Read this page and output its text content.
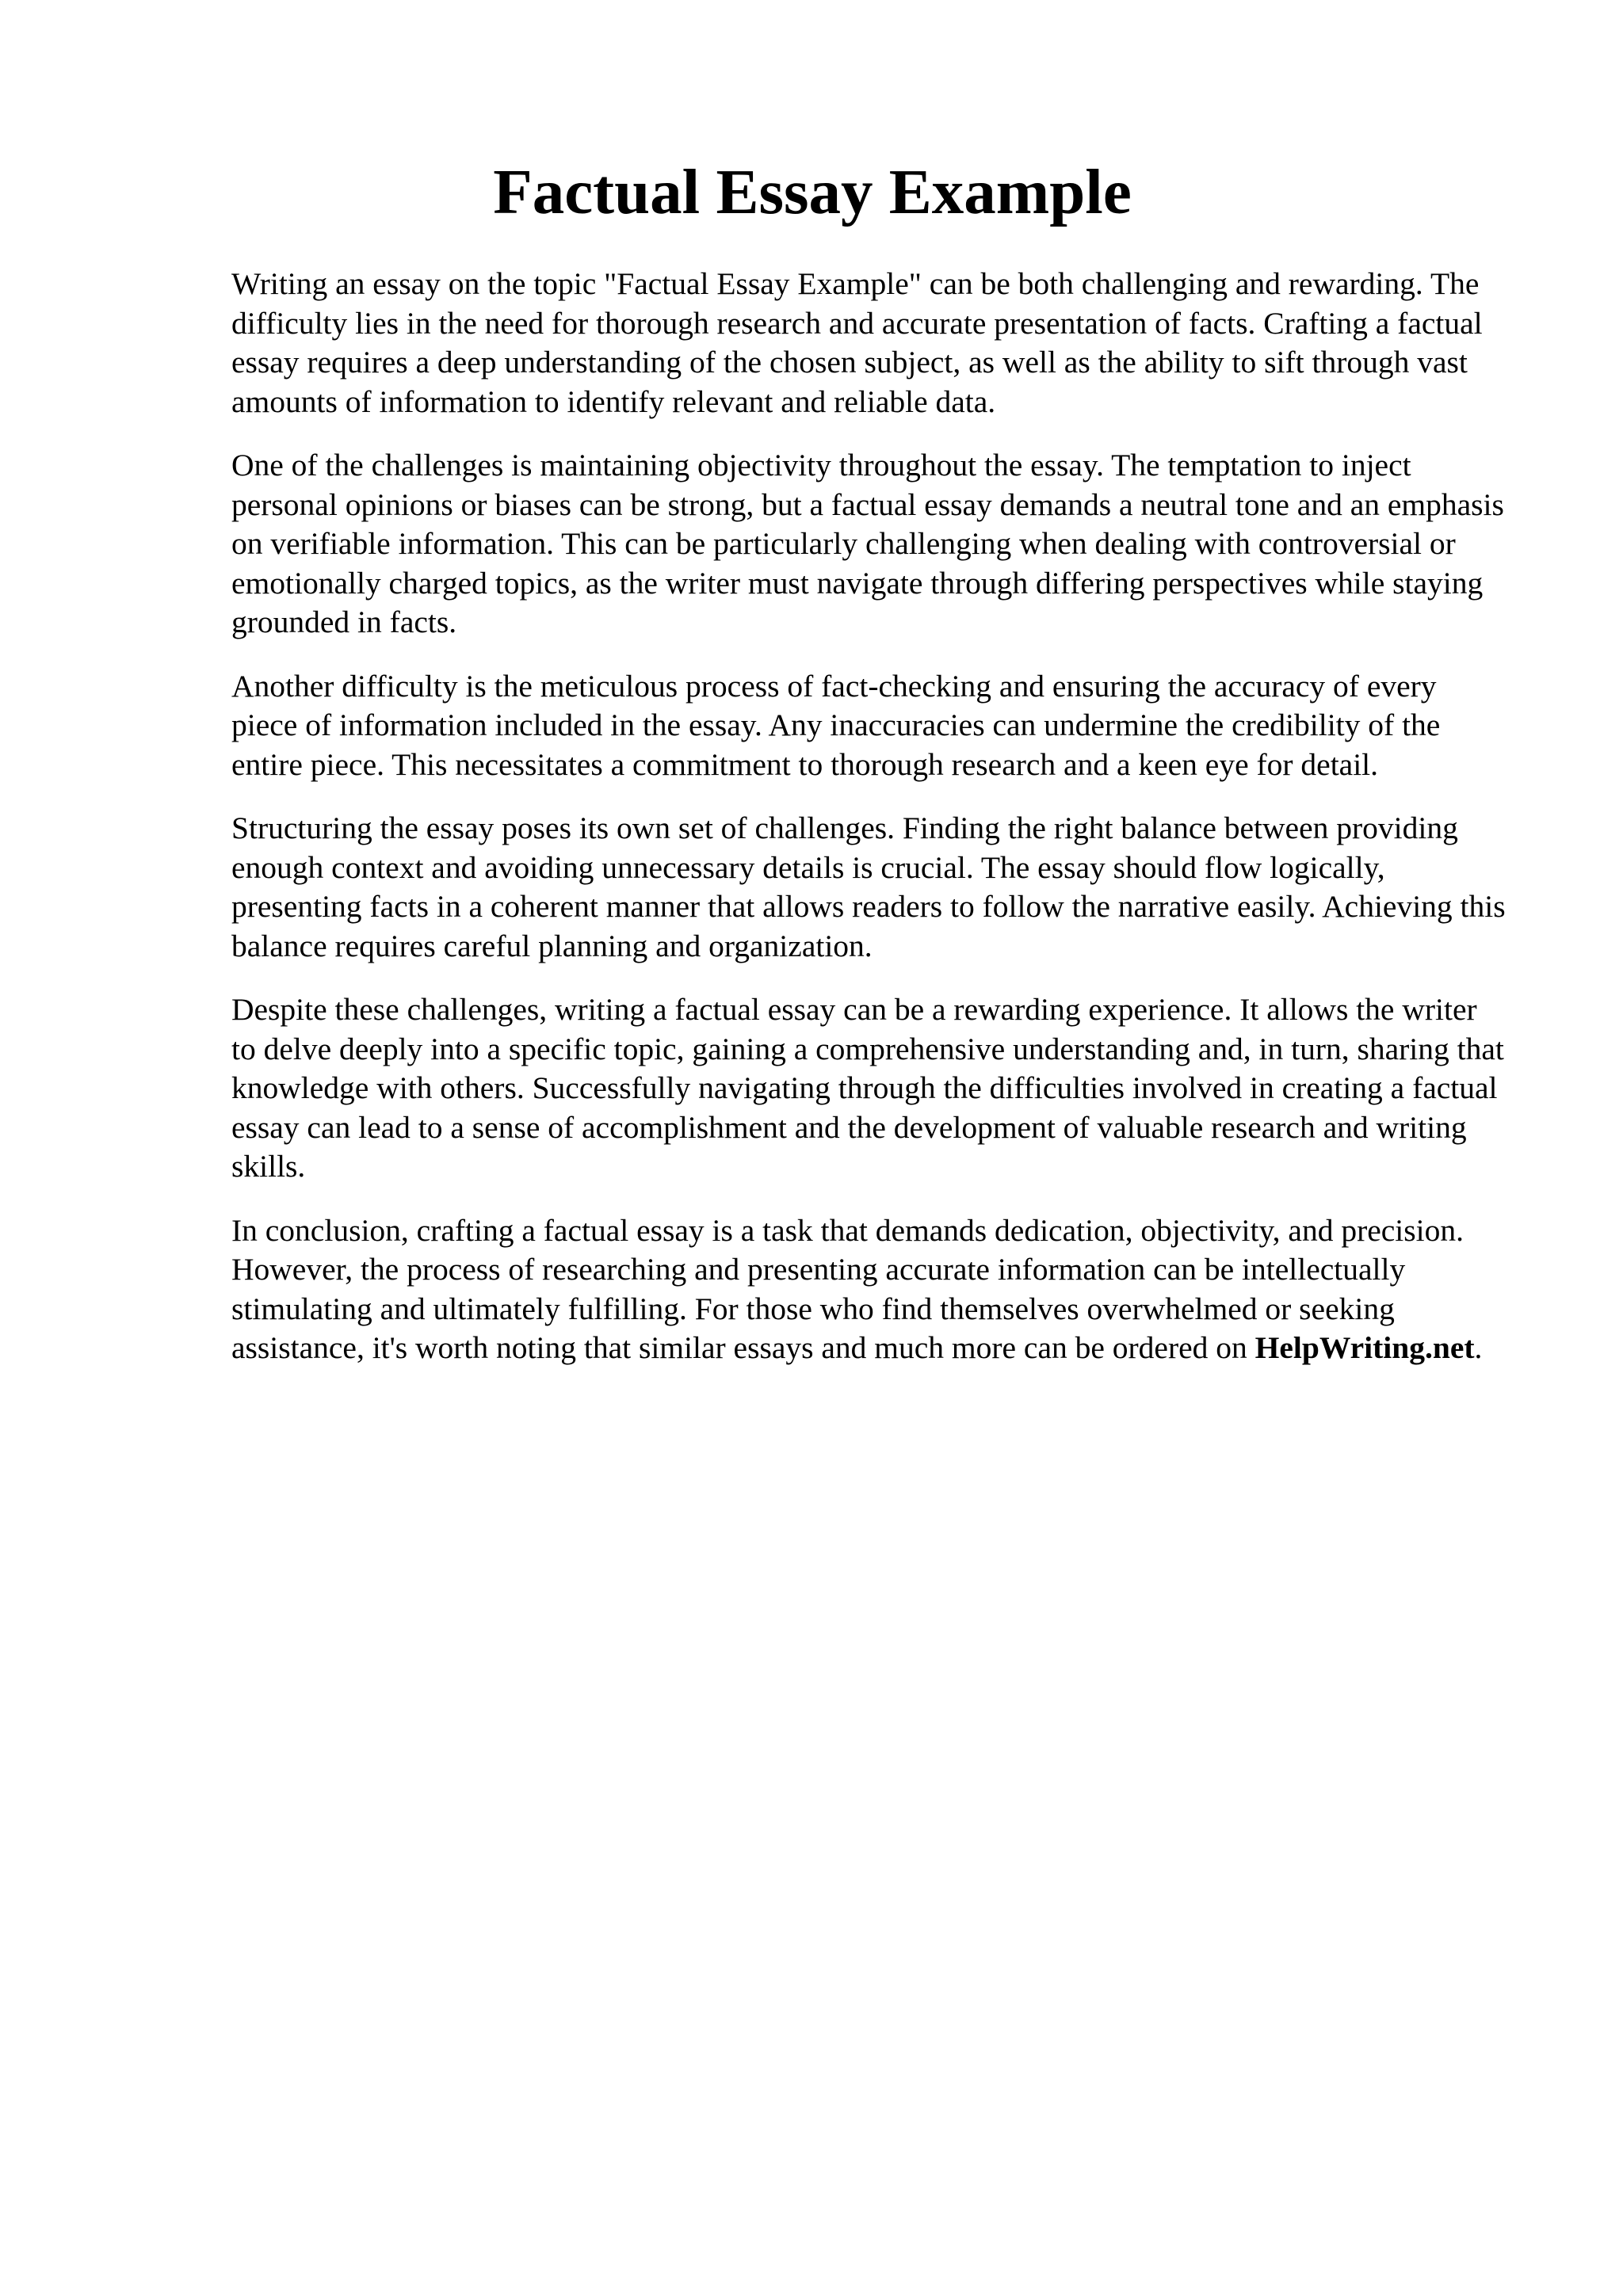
Factual Essay Example

Writing an essay on the topic "Factual Essay Example" can be both challenging and rewarding. The difficulty lies in the need for thorough research and accurate presentation of facts. Crafting a factual essay requires a deep understanding of the chosen subject, as well as the ability to sift through vast amounts of information to identify relevant and reliable data.

One of the challenges is maintaining objectivity throughout the essay. The temptation to inject personal opinions or biases can be strong, but a factual essay demands a neutral tone and an emphasis on verifiable information. This can be particularly challenging when dealing with controversial or emotionally charged topics, as the writer must navigate through differing perspectives while staying grounded in facts.

Another difficulty is the meticulous process of fact-checking and ensuring the accuracy of every piece of information included in the essay. Any inaccuracies can undermine the credibility of the entire piece. This necessitates a commitment to thorough research and a keen eye for detail.

Structuring the essay poses its own set of challenges. Finding the right balance between providing enough context and avoiding unnecessary details is crucial. The essay should flow logically, presenting facts in a coherent manner that allows readers to follow the narrative easily. Achieving this balance requires careful planning and organization.

Despite these challenges, writing a factual essay can be a rewarding experience. It allows the writer to delve deeply into a specific topic, gaining a comprehensive understanding and, in turn, sharing that knowledge with others. Successfully navigating through the difficulties involved in creating a factual essay can lead to a sense of accomplishment and the development of valuable research and writing skills.

In conclusion, crafting a factual essay is a task that demands dedication, objectivity, and precision. However, the process of researching and presenting accurate information can be intellectually stimulating and ultimately fulfilling. For those who find themselves overwhelmed or seeking assistance, it's worth noting that similar essays and much more can be ordered on HelpWriting.net.
